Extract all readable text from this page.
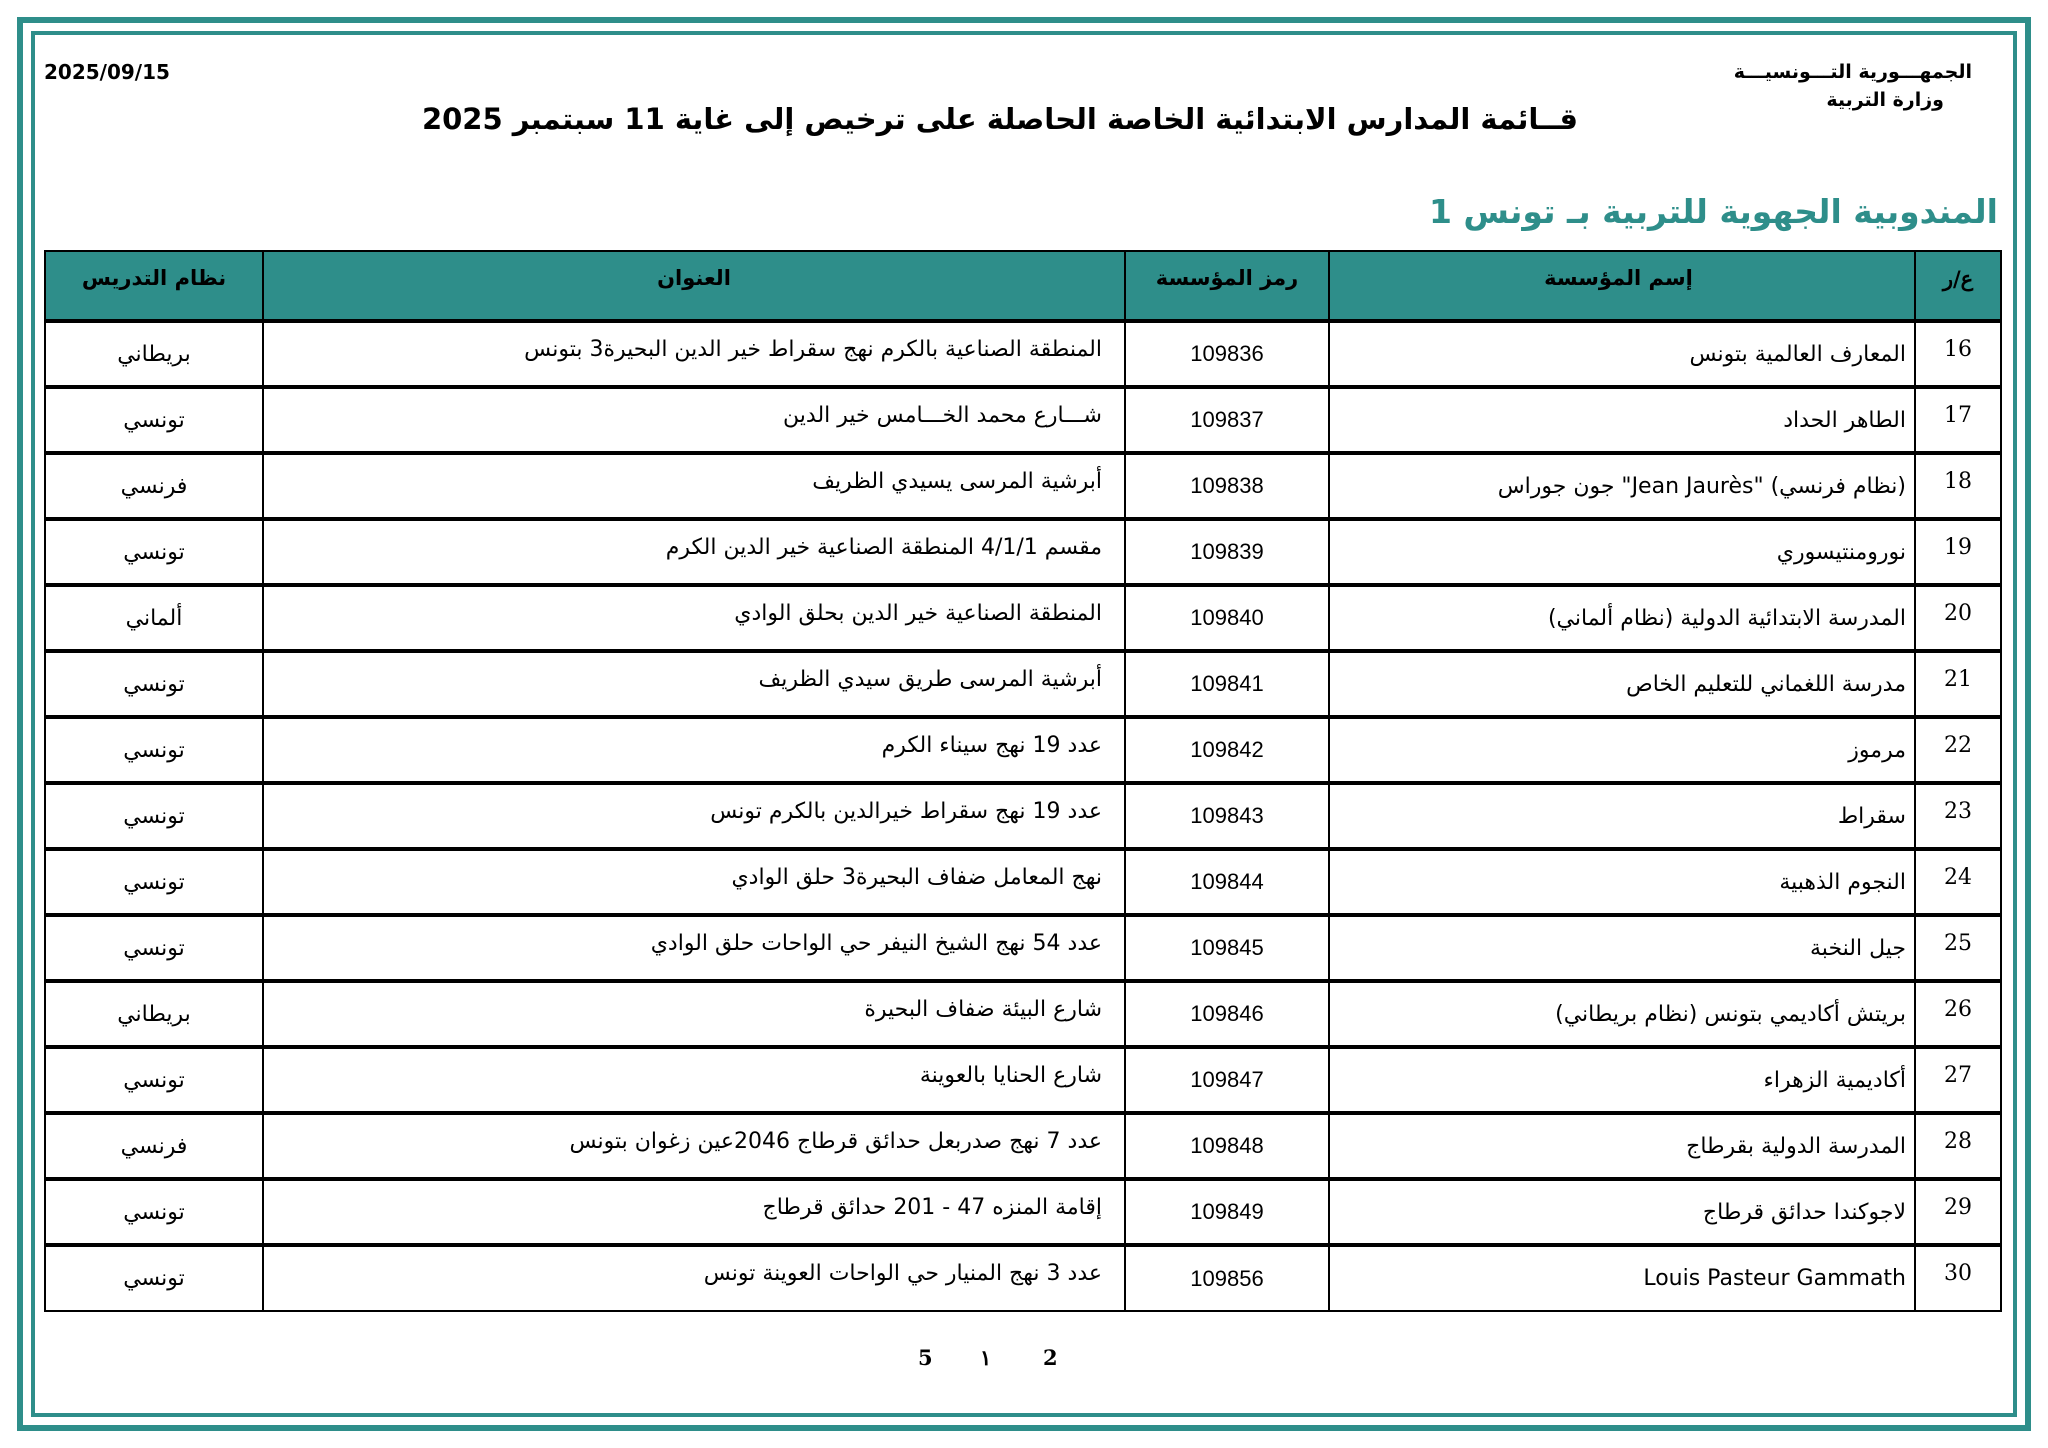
الجمهـــورية التـــونسيـــة
وزارة التربية
2025/09/15
قــائمة المدارس الابتدائية الخاصة الحاصلة على ترخيص إلى غاية 11 سبتمبر 2025
المندوبية الجهوية للتربية بـ تونس 1
ع/ر	إسم المؤسسة	رمز المؤسسة	العنوان	نظام التدريس
16	المعارف العالمية بتونس	109836	المنطقة الصناعية بالكرم نهج سقراط خير الدين البحيرة3 بتونس	بريطاني
17	الطاهر الحداد	109837	شـــارع محمد الخـــامس خير الدين	تونسي
18	(نظام فرنسي) "Jean Jaurès" جون جوراس	109838	أبرشية المرسى يسيدي الظريف	فرنسي
19	نورومنتيسوري	109839	مقسم 4/1/1 المنطقة الصناعية خير الدين الكرم	تونسي
20	المدرسة الابتدائية الدولية (نظام ألماني)	109840	المنطقة الصناعية خير الدين بحلق الوادي	ألماني
21	مدرسة اللغماني للتعليم الخاص	109841	أبرشية المرسى طريق سيدي الظريف	تونسي
22	مرموز	109842	عدد 19 نهج سيناء الكرم	تونسي
23	سقراط	109843	عدد 19 نهج سقراط خيرالدين بالكرم تونس	تونسي
24	النجوم الذهبية	109844	نهج المعامل ضفاف البحيرة3 حلق الوادي	تونسي
25	جيل النخبة	109845	عدد 54 نهج الشيخ النيفر حي الواحات حلق الوادي	تونسي
26	بريتش أكاديمي بتونس (نظام بريطاني)	109846	شارع البيئة ضفاف البحيرة	بريطاني
27	أكاديمية الزهراء	109847	شارع الحنايا بالعوينة	تونسي
28	المدرسة الدولية بقرطاج	109848	عدد 7 نهج صدربعل حدائق قرطاج 2046عين زغوان بتونس	فرنسي
29	لاجوكندا حدائق قرطاج	109849	إقامة المنزه 47 - 201 حدائق قرطاج	تونسي
30	Louis Pasteur Gammath	109856	عدد 3 نهج المنيار حي الواحات العوينة تونس	تونسي
2
١
5
